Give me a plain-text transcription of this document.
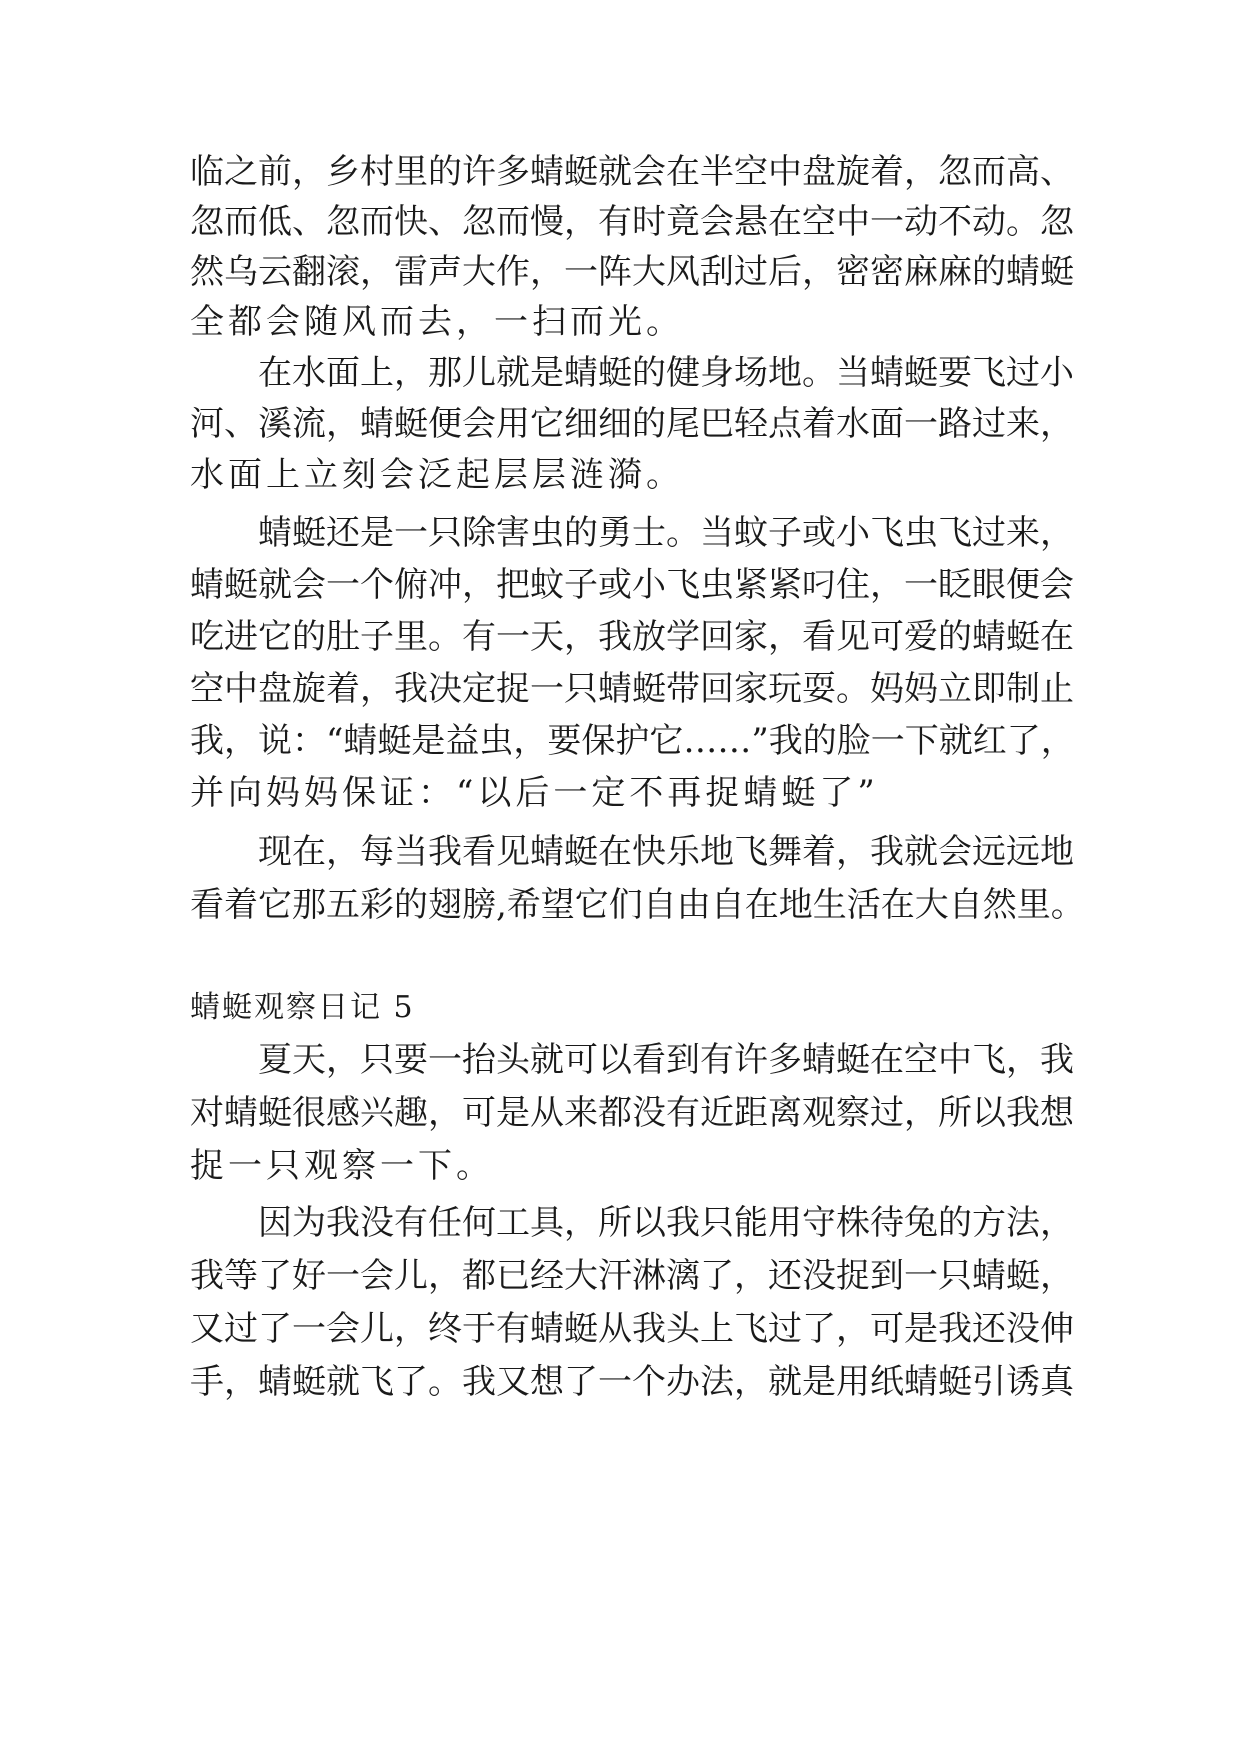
临之前，乡村里的许多蜻蜓就会在半空中盘旋着，忽而高、
忽而低、忽而快、忽而慢，有时竟会悬在空中一动不动。忽
然乌云翻滚，雷声大作，一阵大风刮过后，密密麻麻的蜻蜓
全都会随风而去，一扫而光。
在水面上，那儿就是蜻蜓的健身场地。当蜻蜓要飞过小
河、溪流，蜻蜓便会用它细细的尾巴轻点着水面一路过来，
水面上立刻会泛起层层涟漪。
蜻蜓还是一只除害虫的勇士。当蚊子或小飞虫飞过来，
蜻蜓就会一个俯冲，把蚊子或小飞虫紧紧叼住，一眨眼便会
吃进它的肚子里。有一天，我放学回家，看见可爱的蜻蜓在
空中盘旋着，我决定捉一只蜻蜓带回家玩耍。妈妈立即制止
我，说：“蜻蜓是益虫，要保护它……”我的脸一下就红了，
并向妈妈保证：“以后一定不再捉蜻蜓了”
现在，每当我看见蜻蜓在快乐地飞舞着，我就会远远地
看着它那五彩的翅膀,希望它们自由自在地生活在大自然里。
蜻蜓观察日记 5
夏天，只要一抬头就可以看到有许多蜻蜓在空中飞，我
对蜻蜓很感兴趣，可是从来都没有近距离观察过，所以我想
捉一只观察一下。
因为我没有任何工具，所以我只能用守株待兔的方法，
我等了好一会儿，都已经大汗淋漓了，还没捉到一只蜻蜓，
又过了一会儿，终于有蜻蜓从我头上飞过了，可是我还没伸
手，蜻蜓就飞了。我又想了一个办法，就是用纸蜻蜓引诱真
